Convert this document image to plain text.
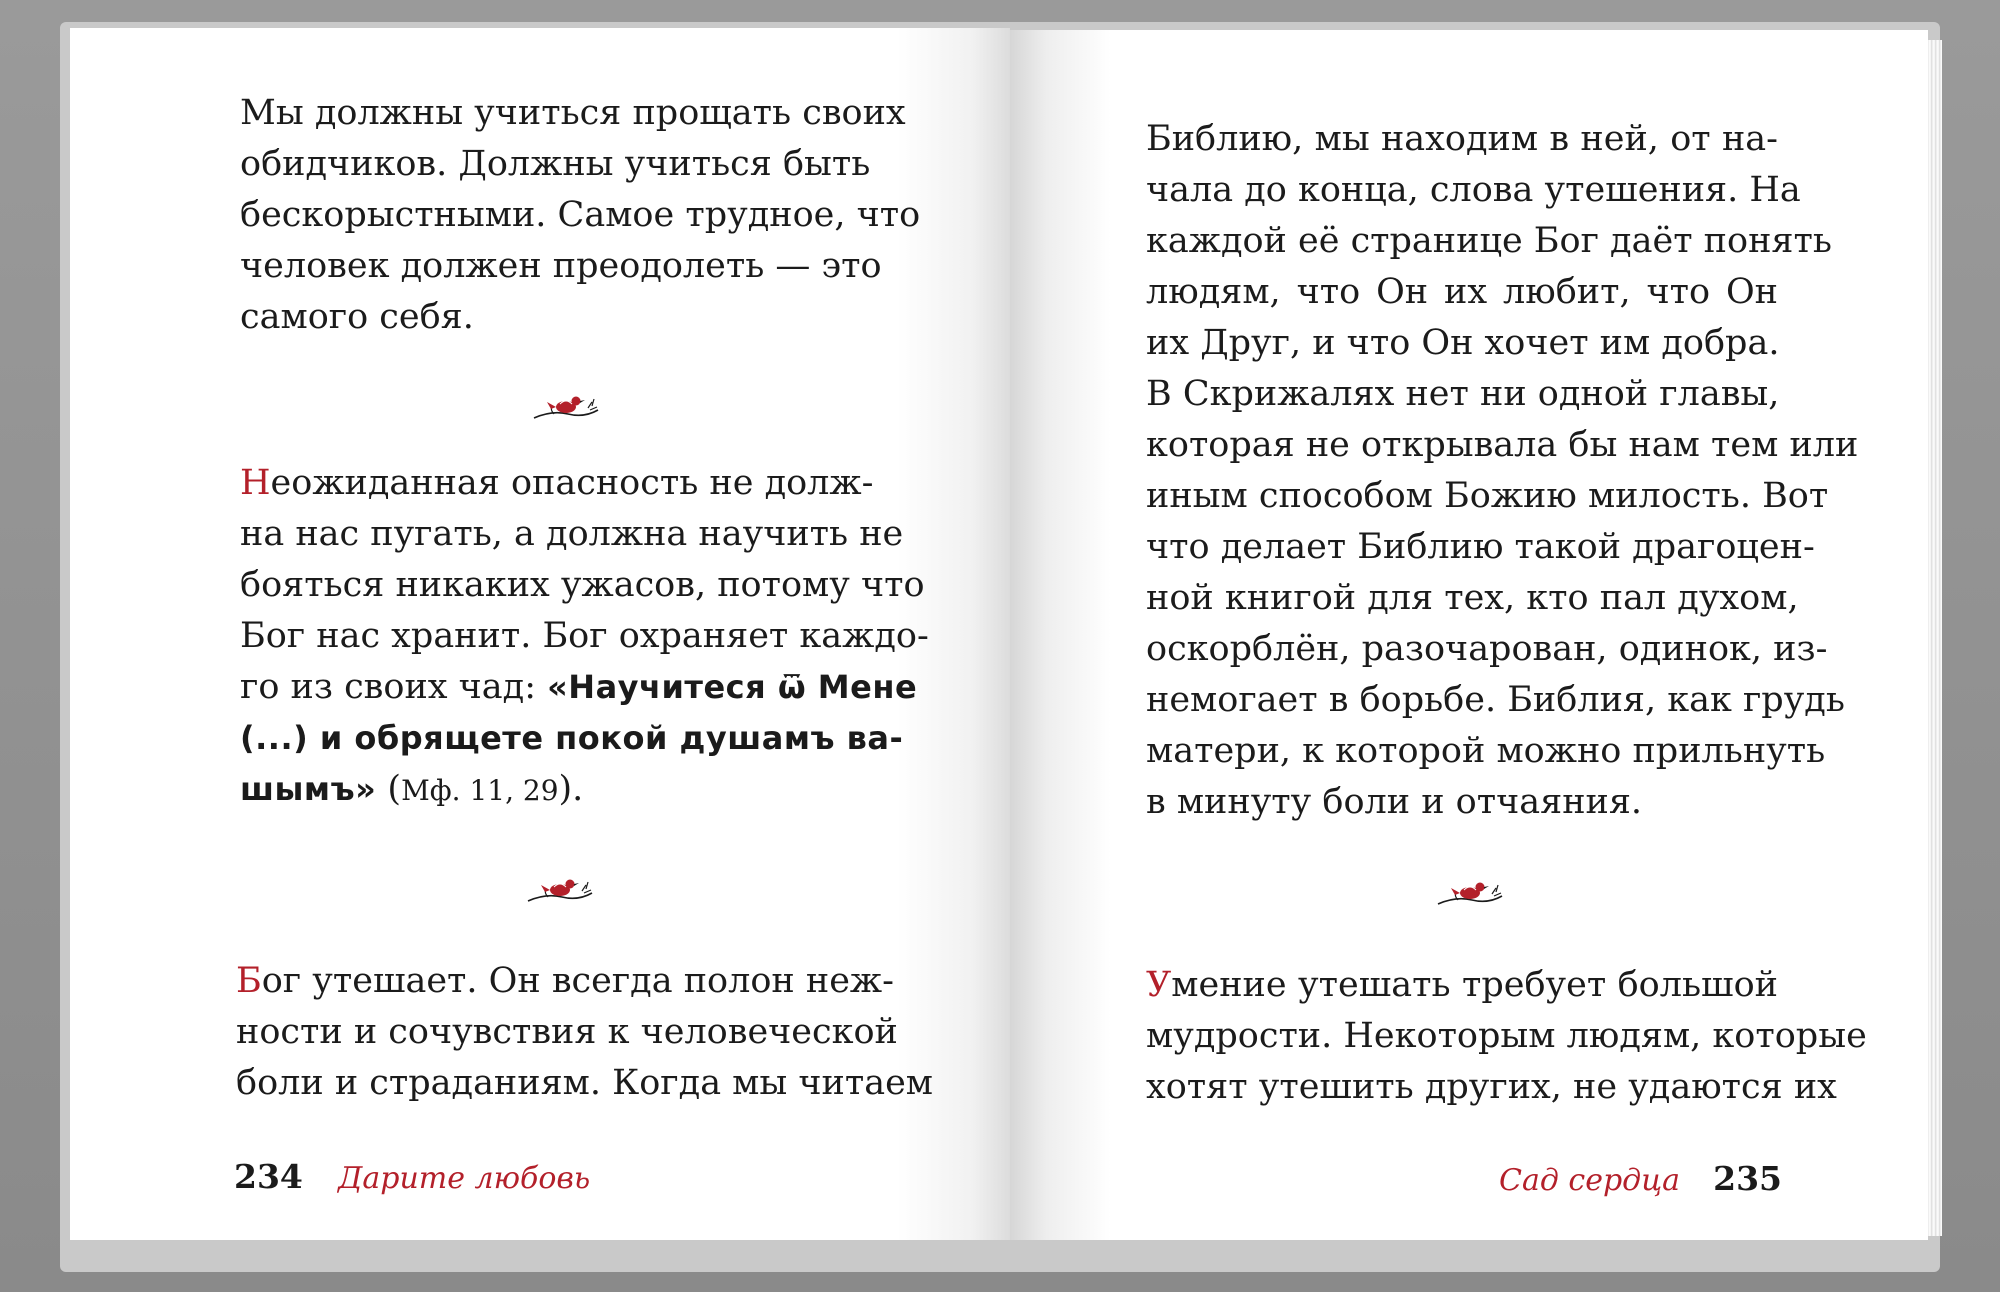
Мы должны учиться прощать своих
обидчиков. Должны учиться быть
бескорыстными. Самое трудное, что
человек должен преодолеть — это
самого себя.
Неожиданная опасность не долж-
на нас пугать, а должна научить не
бояться никаких ужасов, потому что
Бог нас хранит. Бог охраняет каждо-
го из своих чад: «Научитеся ѿ Мене
(...) и обрящете покой душамъ ва-
шымъ» (Мф. 11, 29).
Бог утешает. Он всегда полон неж-
ности и сочувствия к человеческой
боли и страданиям. Когда мы читаем
234 Дарите любовь
Библию, мы находим в ней, от на-
чала до конца, слова утешения. На
каждой её странице Бог даёт понять
людям, что Он их любит, что Он
их Друг, и что Он хочет им добра.
В Скрижалях нет ни одной главы,
которая не открывала бы нам тем или
иным способом Божию милость. Вот
что делает Библию такой драгоцен-
ной книгой для тех, кто пал духом,
оскорблён, разочарован, одинок, из-
немогает в борьбе. Библия, как грудь
матери, к которой можно прильнуть
в минуту боли и отчаяния.
Умение утешать требует большой
мудрости. Некоторым людям, которые
хотят утешить других, не удаются их
Сад сердца 235
